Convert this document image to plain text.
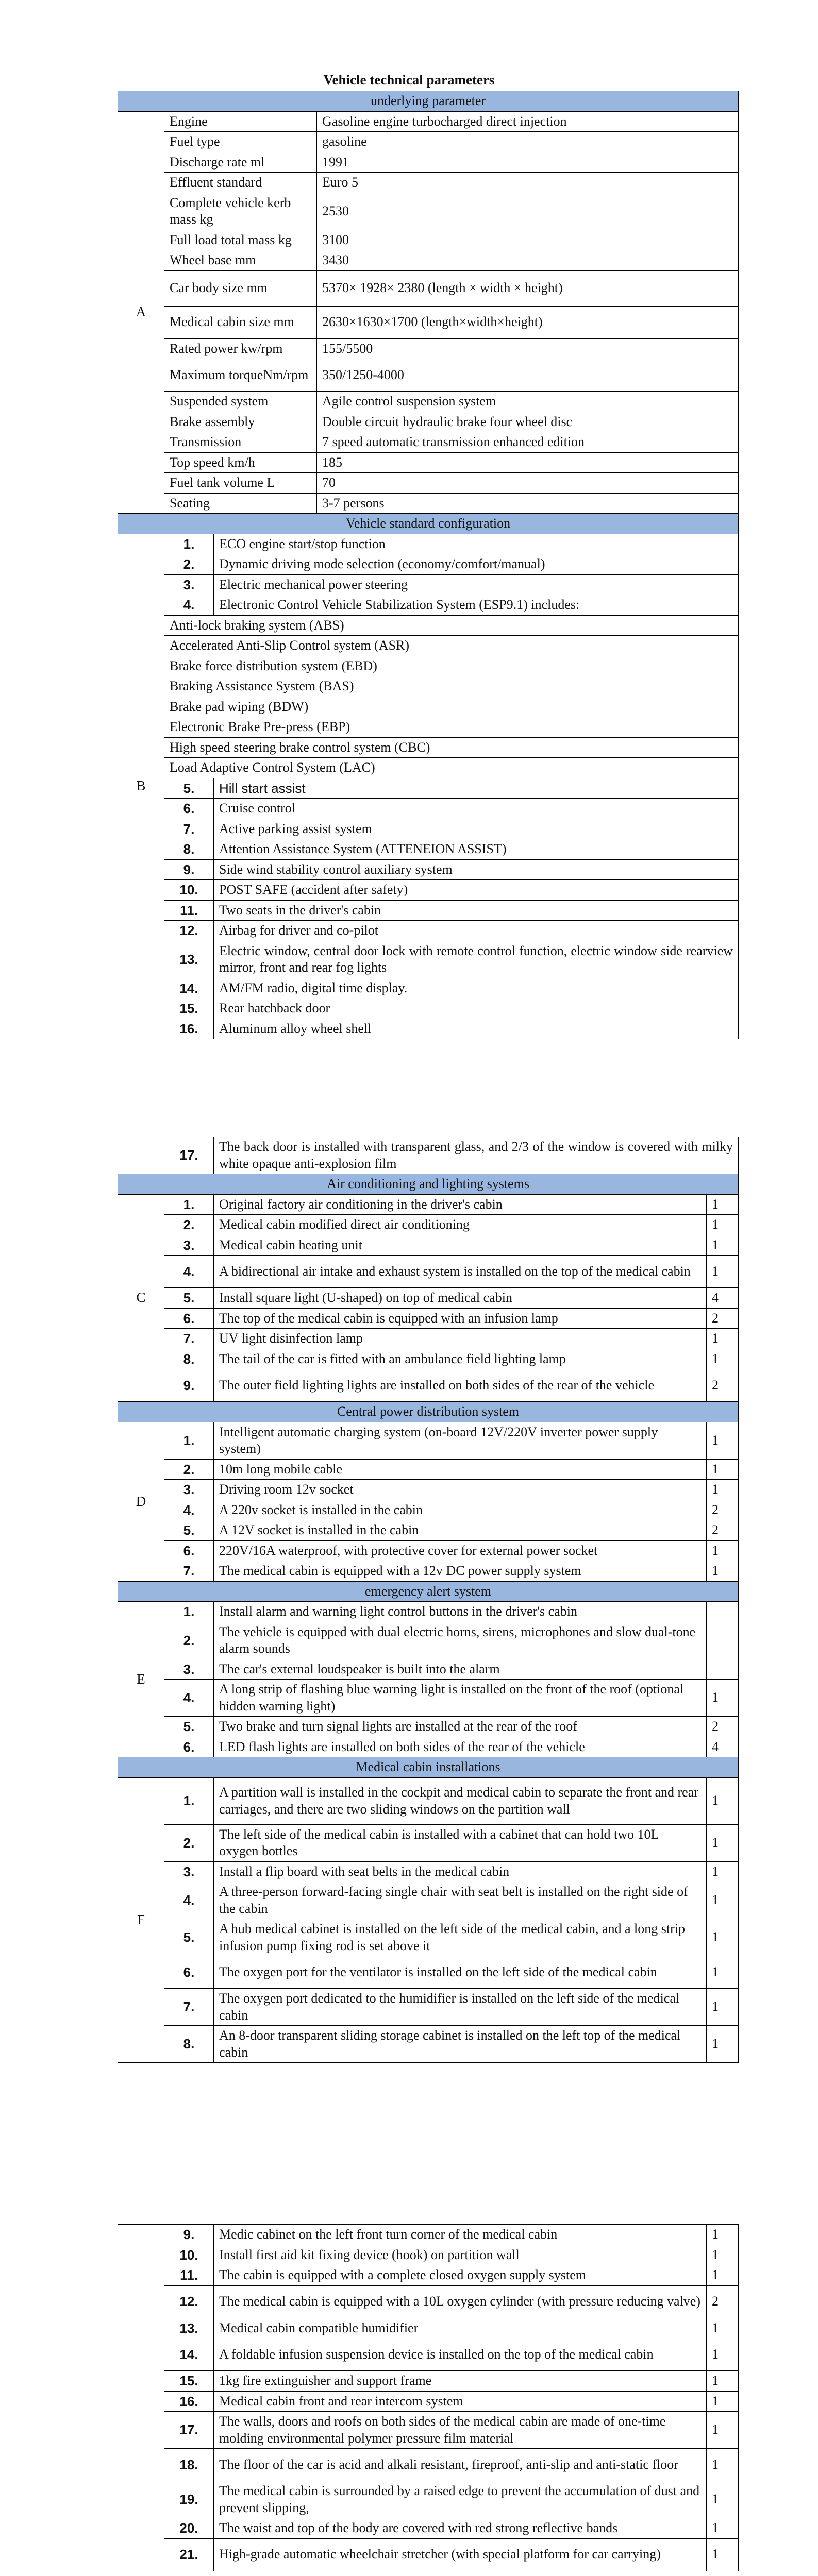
Vehicle technical parameters
underlying parameter			
A	Engine		Gasoline engine turbocharged direct injection
	Fuel type		gasoline
	Discharge rate ml		1991
	Effluent standard		Euro 5
	Complete vehicle kerb mass kg		2530
	Full load total mass kg		3100
	Wheel base mm		3430
	Car body size mm		5370× 1928× 2380 (length × width × height)
	Medical cabin size mm		2630×1630×1700 (length×width×height)
	Rated power kw/rpm		155/5500
	Maximum torqueNm/rpm		350/1250-4000
	Suspended system		Agile control suspension system
	Brake assembly		Double circuit hydraulic brake four wheel disc
	Transmission		7 speed automatic transmission enhanced edition
	Top speed km/h		185
	Fuel tank volume L		70
	Seating		3-7 persons
Vehicle standard configuration			
B	1.	ECO engine start/stop function	
	2.	Dynamic driving mode selection (economy/comfort/manual)	
	3.	Electric mechanical power steering	
	4.	Electronic Control Vehicle Stabilization System (ESP9.1) includes:	
	Anti-lock braking system (ABS)		
	Accelerated Anti-Slip Control system (ASR)		
	Brake force distribution system (EBD)		
	Braking Assistance System (BAS)		
	Brake pad wiping (BDW)		
	Electronic Brake Pre-press (EBP)		
	High speed steering brake control system (CBC)		
	Load Adaptive Control System (LAC)		
	5.	Hill start assist	
	6.	Cruise control	
	7.	Active parking assist system	
	8.	Attention Assistance System (ATTENEION ASSIST)	
	9.	Side wind stability control auxiliary system	
	10.	POST SAFE (accident after safety)	
	11.	Two seats in the driver's cabin	
	12.	Airbag for driver and co-pilot	
	13.	Electric window, central door lock with remote control function, electric window side rearview mirror, front and rear fog lights	
	14.	AM/FM radio, digital time display.	
	15.	Rear hatchback door	
	16.	Aluminum alloy wheel shell	
	17.	The back door is installed with transparent glass, and 2/3 of the window is covered with milky white opaque anti-explosion film	
Air conditioning and lighting systems			
C	1.	Original factory air conditioning in the driver's cabin	1
	2.	Medical cabin modified direct air conditioning	1
	3.	Medical cabin heating unit	1
	4.	A bidirectional air intake and exhaust system is installed on the top of the medical cabin	1
	5.	Install square light (U-shaped) on top of medical cabin	4
	6.	The top of the medical cabin is equipped with an infusion lamp	2
	7.	UV light disinfection lamp	1
	8.	The tail of the car is fitted with an ambulance field lighting lamp	1
	9.	The outer field lighting lights are installed on both sides of the rear of the vehicle	2
Central power distribution system			
D	1.	Intelligent automatic charging system (on-board 12V/220V inverter power supply system)	1
	2.	10m long mobile cable	1
	3.	Driving room 12v socket	1
	4.	A 220v socket is installed in the cabin	2
	5.	A 12V socket is installed in the cabin	2
	6.	220V/16A waterproof, with protective cover for external power socket	1
	7.	The medical cabin is equipped with a 12v DC power supply system	1
emergency alert system			
E	1.	Install alarm and warning light control buttons in the driver's cabin	
	2.	The vehicle is equipped with dual electric horns, sirens, microphones and slow dual-tone alarm sounds	
	3.	The car's external loudspeaker is built into the alarm	
	4.	A long strip of flashing blue warning light is installed on the front of the roof (optional hidden warning light)	1
	5.	Two brake and turn signal lights are installed at the rear of the roof	2
	6.	LED flash lights are installed on both sides of the rear of the vehicle	4
Medical cabin installations			
F	1.	A partition wall is installed in the cockpit and medical cabin to separate the front and rear carriages, and there are two sliding windows on the partition wall	1
	2.	The left side of the medical cabin is installed with a cabinet that can hold two 10L oxygen bottles	1
	3.	Install a flip board with seat belts in the medical cabin	1
	4.	A three-person forward-facing single chair with seat belt is installed on the right side of the cabin	1
	5.	A hub medical cabinet is installed on the left side of the medical cabin, and a long strip infusion pump fixing rod is set above it	1
	6.	The oxygen port for the ventilator is installed on the left side of the medical cabin	1
	7.	The oxygen port dedicated to the humidifier is installed on the left side of the medical cabin	1
	8.	An 8-door transparent sliding storage cabinet is installed on the left top of the medical cabin	1
	9.	Medic cabinet on the left front turn corner of the medical cabin	1
	10.	Install first aid kit fixing device (hook) on partition wall	1
	11.	The cabin is equipped with a complete closed oxygen supply system	1
	12.	The medical cabin is equipped with a 10L oxygen cylinder (with pressure reducing valve)	2
	13.	Medical cabin compatible humidifier	1
	14.	A foldable infusion suspension device is installed on the top of the medical cabin	1
	15.	1kg fire extinguisher and support frame	1
	16.	Medical cabin front and rear intercom system	1
	17.	The walls, doors and roofs on both sides of the medical cabin are made of one-time molding environmental polymer pressure film material	1
	18.	The floor of the car is acid and alkali resistant, fireproof, anti-slip and anti-static floor	1
	19.	The medical cabin is surrounded by a raised edge to prevent the accumulation of dust and prevent slipping,	1
	20.	The waist and top of the body are covered with red strong reflective bands	1
	21.	High-grade automatic wheelchair stretcher (with special platform for car carrying)	1
